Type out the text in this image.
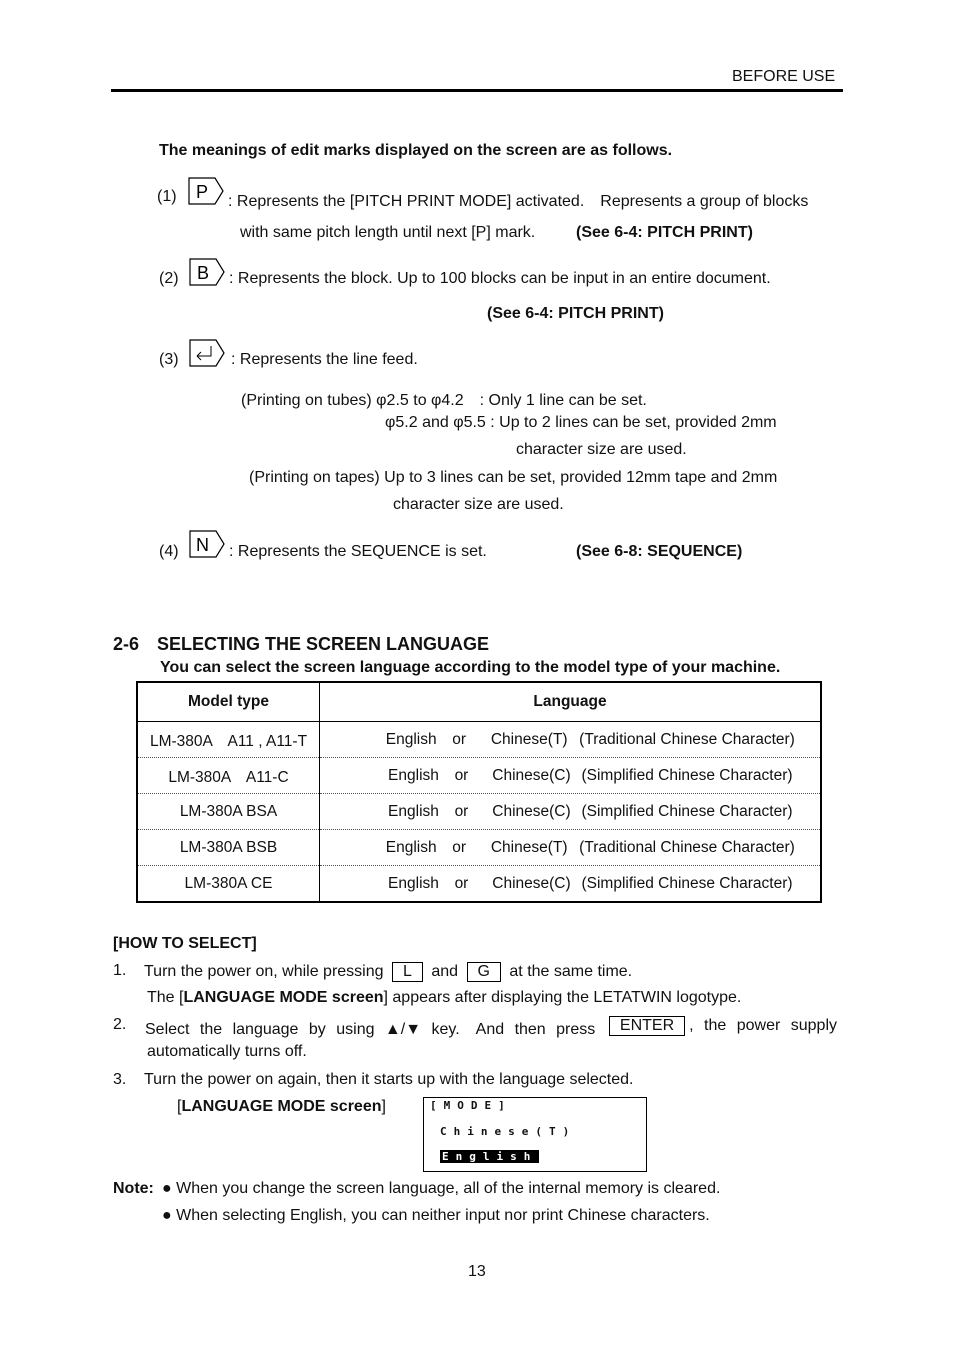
BEFORE USE
The meanings of edit marks displayed on the screen are as follows.
(1) P : Represents the [PITCH PRINT MODE] activated.　Represents a group of blocks
with same pitch length until next [P] mark.	(See 6-4: PITCH PRINT)
(2) B : Represents the block. Up to 100 blocks can be input in an entire document.
(See 6-4: PITCH PRINT)
(3)	: Represents the line feed.
(Printing on tubes) φ2.5 to φ4.2　: Only 1 line can be set.
φ5.2 and φ5.5 : Up to 2 lines can be set, provided 2mm
character size are used.
(Printing on tapes) Up to 3 lines can be set, provided 12mm tape and 2mm
character size are used.
(4) N : Represents the SEQUENCE is set.	(See 6-8: SEQUENCE)
2-6　SELECTING THE SCREEN LANGUAGE
You can select the screen language according to the model type of your machine.
Model type	Language
LM-380A　A11 , A11-T	English or Chinese(T) (Traditional Chinese Character)
LM-380A　A11-C	English or Chinese(C) (Simplified Chinese Character)
LM-380A BSA	English or Chinese(C) (Simplified Chinese Character)
LM-380A BSB	English or Chinese(T) (Traditional Chinese Character)
LM-380A CE	English or Chinese(C) (Simplified Chinese Character)
[HOW TO SELECT]
1. Turn the power on, while pressing L and G at the same time.
The [LANGUAGE MODE screen] appears after displaying the LETATWIN logotype.
2. Select the language by using ▲/▼ key.　And then press	ENTER , the power supply
automatically turns off.
3. Turn the power on again, then it starts up with the language selected.
[LANGUAGE MODE screen]	[MODE]
Chinese(T)
English
Note: ● When you change the screen language, all of the internal memory is cleared.
● When selecting English, you can neither input nor print Chinese characters.
13
